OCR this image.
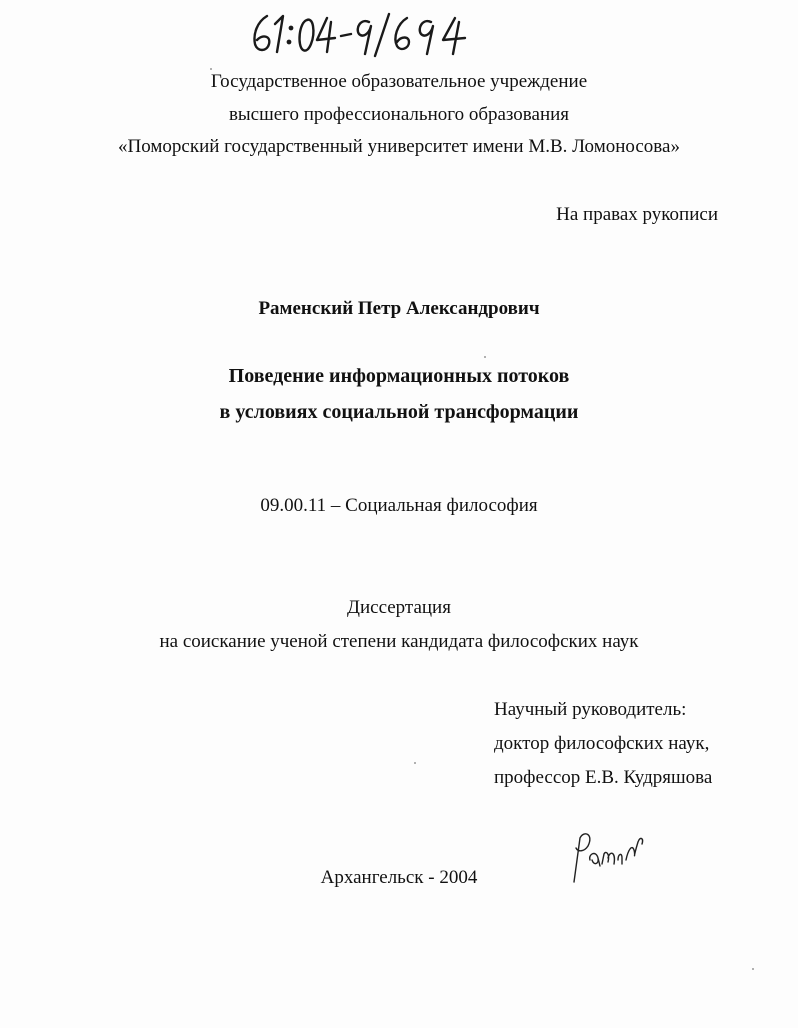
Государственное образовательное учреждение
высшего профессионального образования
«Поморский государственный университет имени М.В. Ломоносова»
На правах рукописи
Раменский Петр Александрович
Поведение информационных потоков
в условиях социальной трансформации
09.00.11 – Социальная философия
Диссертация
на соискание ученой степени кандидата философских наук
Научный руководитель:
доктор философских наук,
профессор Е.В. Кудряшова
Архангельск - 2004
